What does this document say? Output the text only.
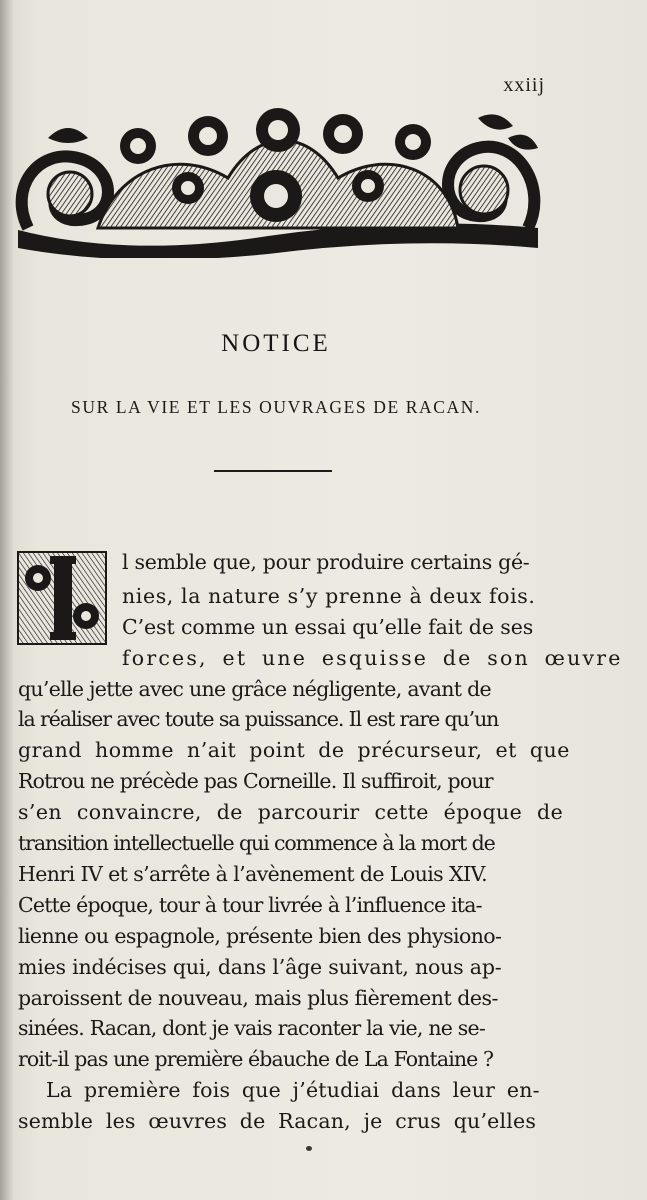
xxiij
NOTICE
SUR LA VIE ET LES OUVRAGES DE RACAN.
l semble que, pour produire certains gé-
nies, la nature s’y prenne à deux fois.
C’est comme un essai qu’elle fait de ses
forces, et une esquisse de son œuvre
qu’elle jette avec une grâce négligente, avant de
la réaliser avec toute sa puissance. Il est rare qu’un
grand homme n’ait point de précurseur, et que
Rotrou ne précède pas Corneille. Il suffiroit, pour
s’en convaincre, de parcourir cette époque de
transition intellectuelle qui commence à la mort de
Henri IV et s’arrête à l’avènement de Louis XIV.
Cette époque, tour à tour livrée à l’influence ita-
lienne ou espagnole, présente bien des physiono-
mies indécises qui, dans l’âge suivant, nous ap-
paroissent de nouveau, mais plus fièrement des-
sinées. Racan, dont je vais raconter la vie, ne se-
roit-il pas une première ébauche de La Fontaine ?
La première fois que j’étudiai dans leur en-
semble les œuvres de Racan, je crus qu’elles
